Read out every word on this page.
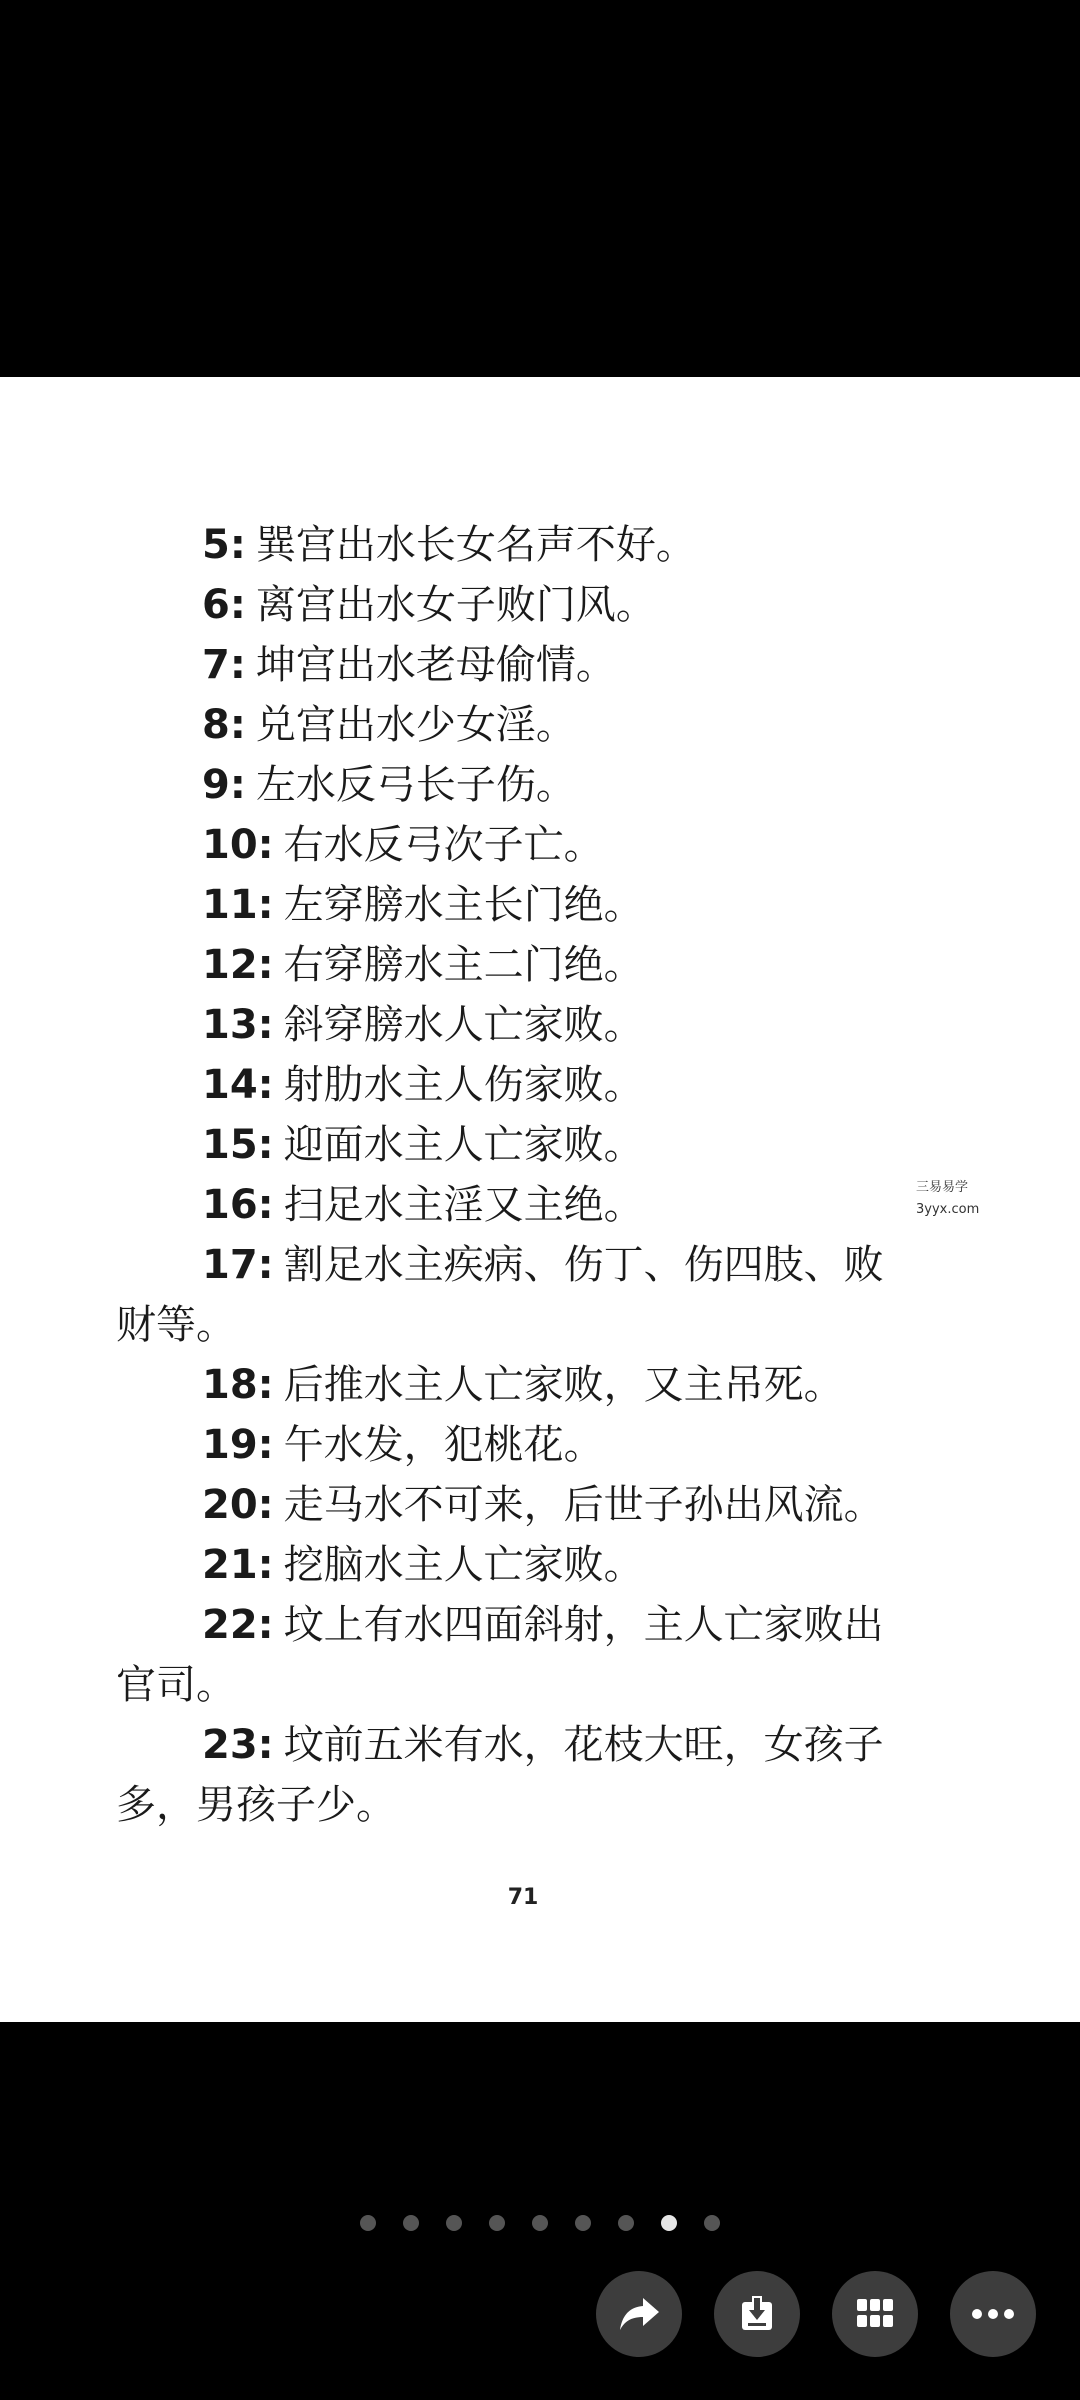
5: 巽宫出水长女名声不好。
6: 离宫出水女子败门风。
7: 坤宫出水老母偷情。
8: 兑宫出水少女淫。
9: 左水反弓长子伤。
10: 右水反弓次子亡。
11: 左穿膀水主长门绝。
12: 右穿膀水主二门绝。
13: 斜穿膀水人亡家败。
14: 射肋水主人伤家败。
15: 迎面水主人亡家败。
16: 扫足水主淫又主绝。
17: 割足水主疾病、伤丁、伤四肢、败
财等。
18: 后推水主人亡家败，又主吊死。
19: 午水发，犯桃花。
20: 走马水不可来，后世子孙出风流。
21: 挖脑水主人亡家败。
22: 坟上有水四面斜射，主人亡家败出
官司。
23: 坟前五米有水，花枝大旺，女孩子
多，男孩子少。
三易易学
3yyx.com
71
